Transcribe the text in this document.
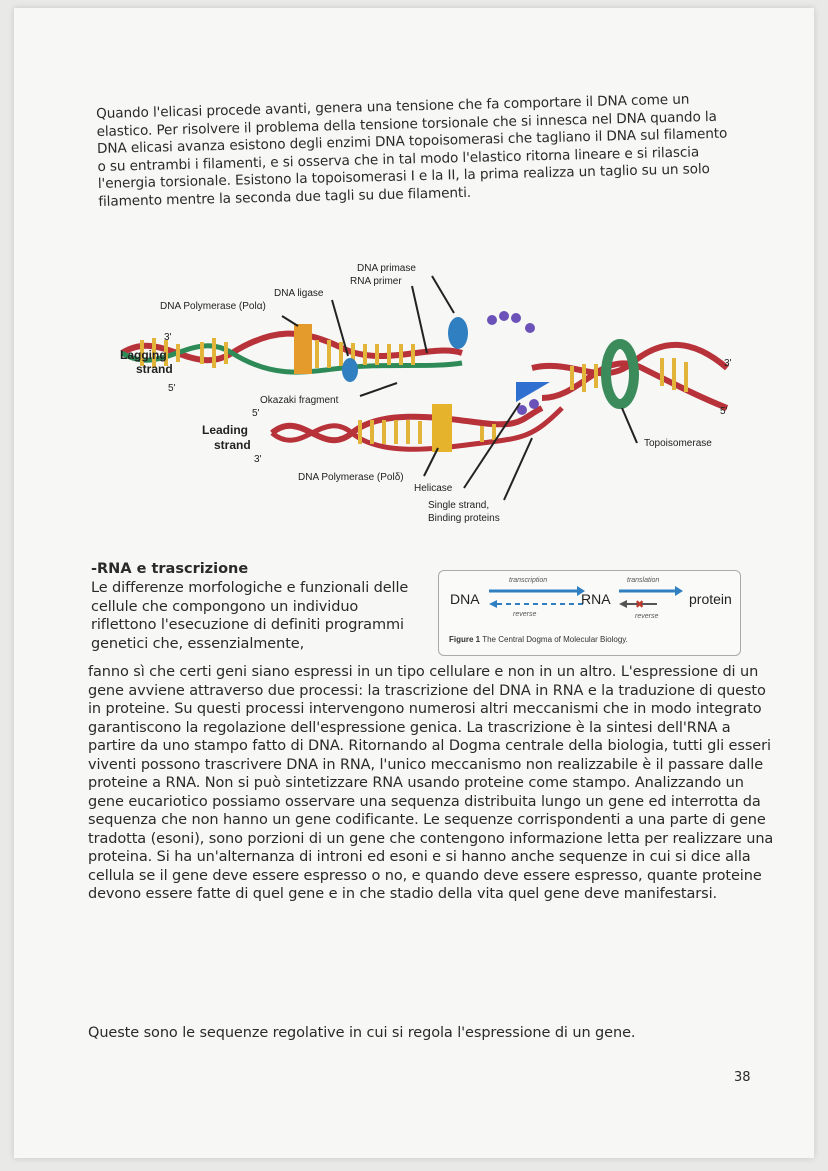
Quando l'elicasi procede avanti, genera una tensione che fa comportare il DNA come un elastico. Per risolvere il problema della tensione torsionale che si innesca nel DNA quando la DNA elicasi avanza esistono degli enzimi DNA topoisomerasi che tagliano il DNA sul filamento o su entrambi i filamenti, e si osserva che in tal modo l'elastico ritorna lineare e si rilascia l'energia torsionale. Esistono la topoisomerasi I e la II, la prima realizza un taglio su un solo filamento mentre la seconda due tagli su due filamenti.

DNA primase
RNA primer
DNA ligase
DNA Polymerase (Polα)
3'
Lagging
strand
5'
Okazaki fragment
5'
Leading
strand
3'
DNA Polymerase (Polδ)
Helicase
Single strand,
Binding proteins
Topoisomerase
3'
5'
-RNA e trascrizione

Le differenze morfologiche e funzionali delle cellule che compongono un individuo riflettono l'esecuzione di definiti programmi genetici che, essenzialmente,

DNA
transcription
reverse
RNA
translation
✖
reverse
protein
Figure 1 The Central Dogma of Molecular Biology.

fanno sì che certi geni siano espressi in un tipo cellulare e non in un altro. L'espressione di un gene avviene attraverso due processi: la trascrizione del DNA in RNA e la traduzione di questo in proteine. Su questi processi intervengono numerosi altri meccanismi che in modo integrato garantiscono la regolazione dell'espressione genica. La trascrizione è la sintesi dell'RNA a partire da uno stampo fatto di DNA. Ritornando al Dogma centrale della biologia, tutti gli esseri viventi possono trascrivere DNA in RNA, l'unico meccanismo non realizzabile è il passare dalle proteine a RNA. Non si può sintetizzare RNA usando proteine come stampo. Analizzando un gene eucariotico possiamo osservare una sequenza distribuita lungo un gene ed interrotta da sequenza che non hanno un gene codificante. Le sequenze corrispondenti a una parte di gene tradotta (esoni), sono porzioni di un gene che contengono informazione letta per realizzare una proteina. Si ha un'alternanza di introni ed esoni e si hanno anche sequenze in cui si dice alla cellula se il gene deve essere espresso o no, e quando deve essere espresso, quante proteine devono essere fatte di quel gene e in che stadio della vita quel gene deve manifestarsi.

Queste sono le sequenze regolative in cui si regola l'espressione di un gene.

38
